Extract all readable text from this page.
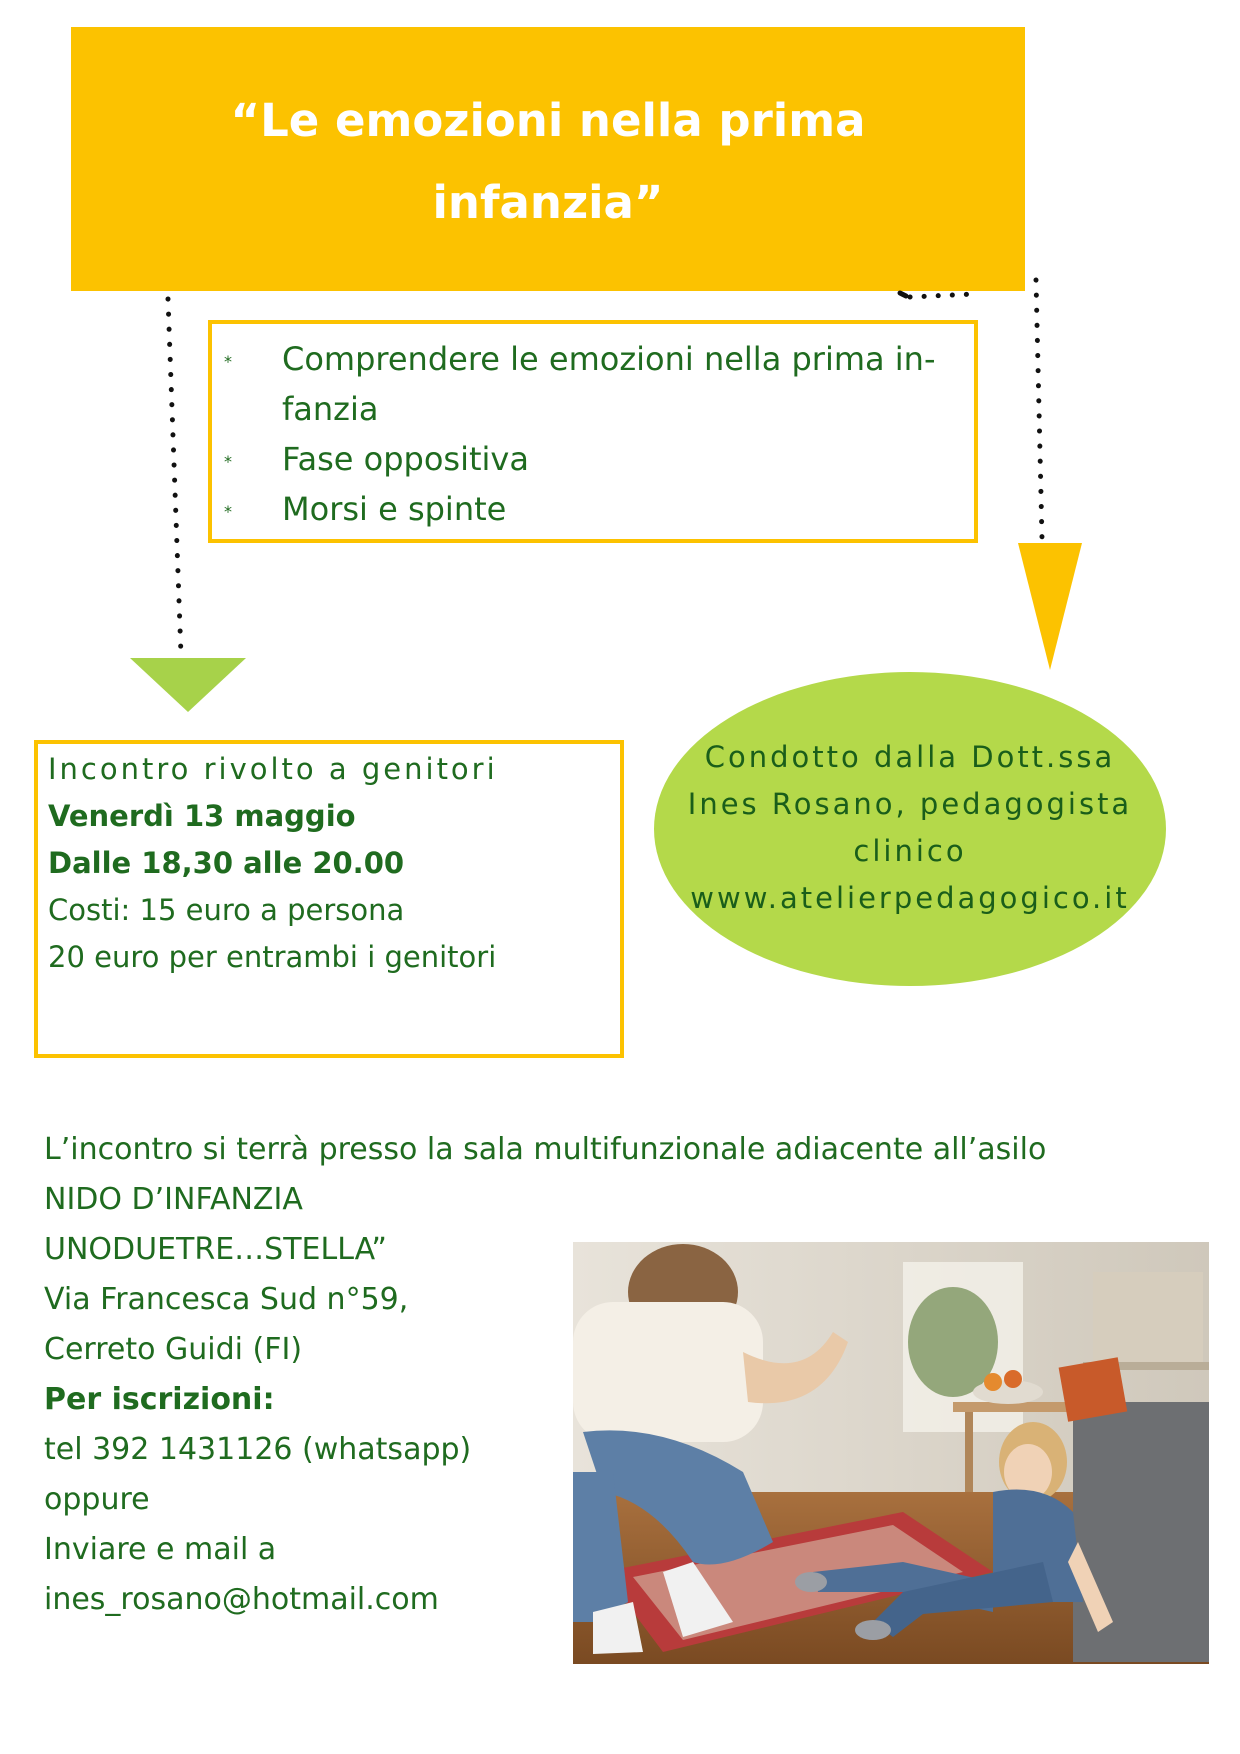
“Le emozioni nella prima
infanzia”
* Comprendere le emozioni nella prima in-
fanzia
* Fase oppositiva
* Morsi e spinte
Incontro rivolto a genitori
Venerdì 13 maggio
Dalle 18,30 alle 20.00
Costi: 15 euro a persona
20 euro per entrambi i genitori
Condotto dalla Dott.ssa
Ines Rosano, pedagogista
clinico
www.atelierpedagogico.it
L’incontro si terrà presso la sala multifunzionale adiacente all’asilo
NIDO D’INFANZIA
UNODUETRE…STELLA”
Via Francesca Sud n°59,
Cerreto Guidi (FI)
Per iscrizioni:
tel 392 1431126 (whatsapp)
oppure
Inviare e mail a
ines_rosano@hotmail.com
